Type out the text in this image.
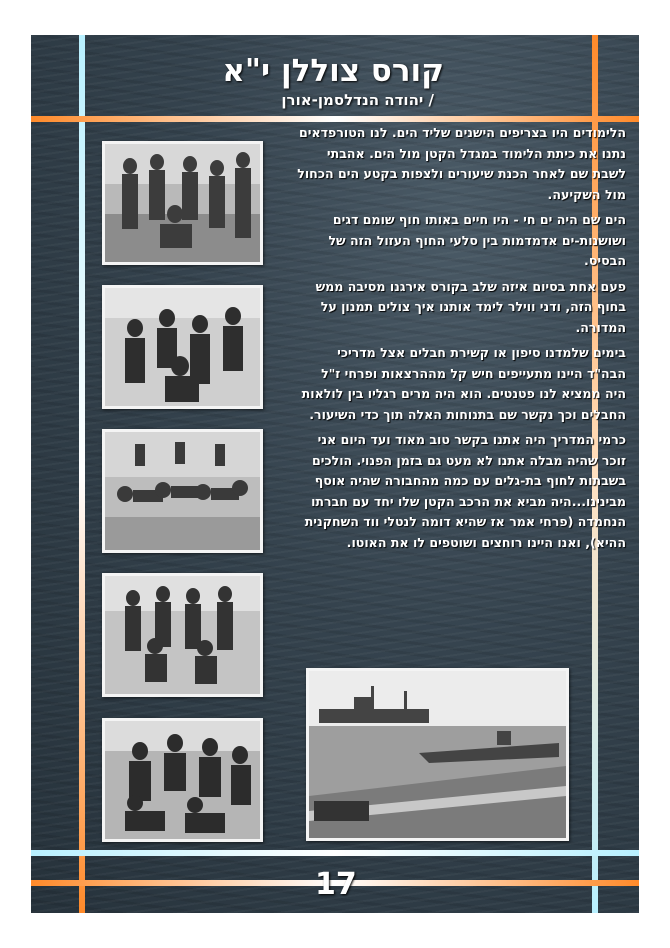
קורס צוללן י"א
/ יהודה הנדלסמן-אורן

הלימודים היו בצריפים הישנים שליד הים. לנו הטורפדאים נתנו את כיתת הלימוד במגדל הקטן מול הים. אהבתי לשבת שם לאחר הכנת שיעורים ולצפות בקטע הים הכחול מול השקיעה.

הים שם היה ים חי - היו חיים באותו חוף שומם דגים ושושנות-ים אדמדמות בין סלעי החוף העזול הזה של הבסיס.

פעם אחת בסיום איזה שלב בקורס אירגנו מסיבה ממש בחוף הזה, ודני ווילר לימד אותנו איך צולים תמנון על המדורה.

בימים שלמדנו סיפון או קשירת חבלים אצל מדריכי הבה"ד היינו מתעייפים חיש קל מההרצאות ופרחי ז"ל היה ממציא לנו פטנטים. הוא היה מרים רגליו בין לולאות החבלים וכך נקשר שם בתנוחות האלה תוך כדי השיעור.

כרמי המדריך היה אתנו בקשר טוב מאוד ועד היום אני זוכר שהיה מבלה אתנו לא מעט גם בזמן הפנוי. הולכים בשבתות לחוף בת-גלים עם כמה מהחבורה שהיה אוסף מבינינו...היה מביא את הרכב הקטן שלו יחד עם חברתו הנחמדה (פרחי אמר אז שהיא דומה לנטלי ווד השחקנית ההיא), ואנו היינו רוחצים ושוטפים לו את האוטו.

17
